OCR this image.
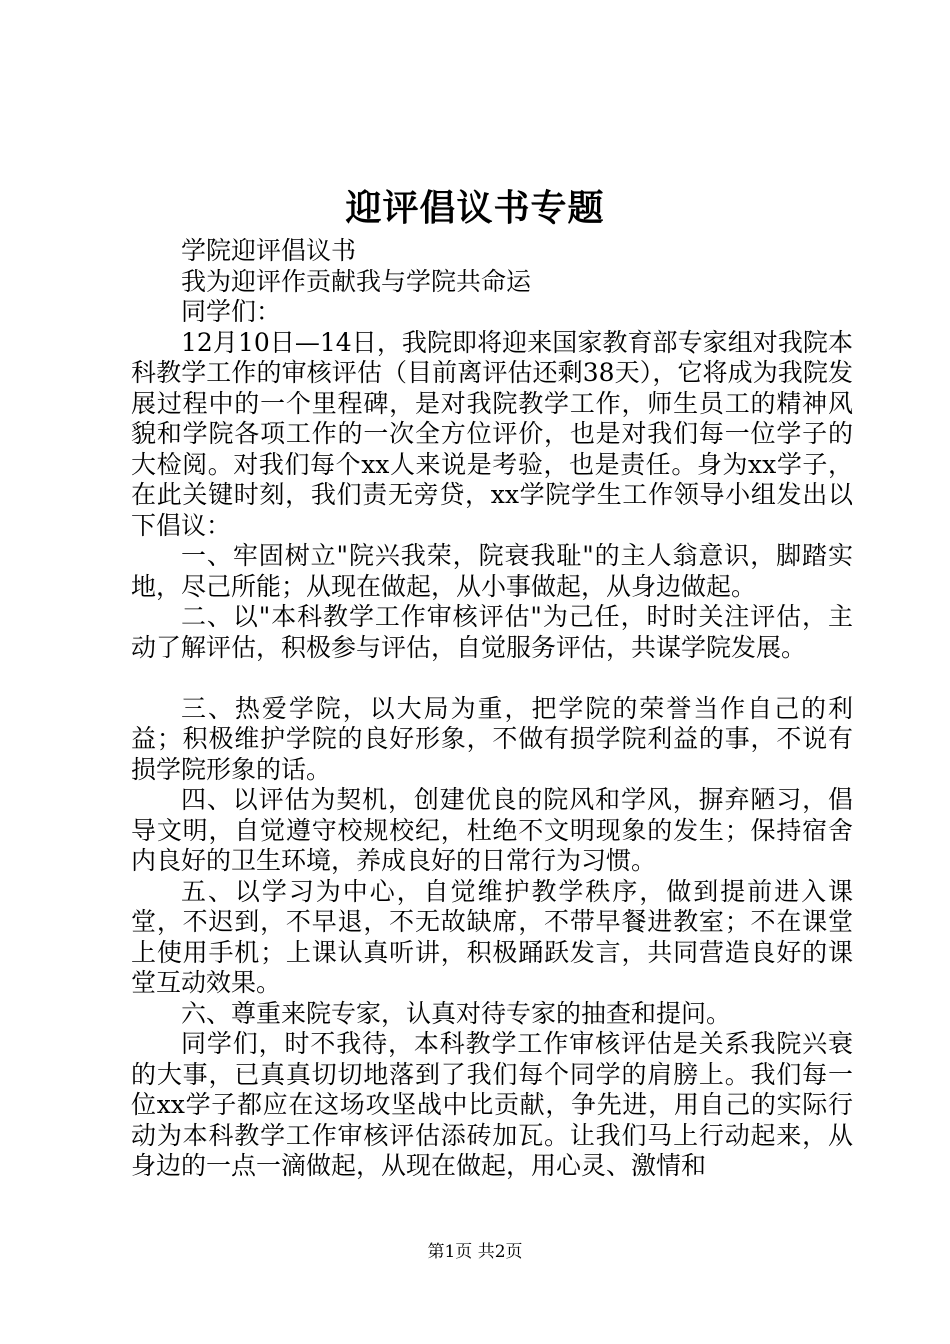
迎评倡议书专题

学院迎评倡议书

我为迎评作贡献我与学院共命运

同学们：

12月10日—14日，我院即将迎来国家教育部专家组对我院本科教学工作的审核评估（目前离评估还剩38天），它将成为我院发展过程中的一个里程碑，是对我院教学工作，师生员工的精神风貌和学院各项工作的一次全方位评价，也是对我们每一位学子的大检阅。对我们每个xx人来说是考验，也是责任。身为xx学子，在此关键时刻，我们责无旁贷，xx学院学生工作领导小组发出以下倡议：

一、牢固树立"院兴我荣，院衰我耻"的主人翁意识，脚踏实地，尽己所能；从现在做起，从小事做起，从身边做起。

二、以"本科教学工作审核评估"为己任，时时关注评估，主动了解评估，积极参与评估，自觉服务评估，共谋学院发展。

三、热爱学院，以大局为重，把学院的荣誉当作自己的利益；积极维护学院的良好形象，不做有损学院利益的事，不说有损学院形象的话。

四、以评估为契机，创建优良的院风和学风，摒弃陋习，倡导文明，自觉遵守校规校纪，杜绝不文明现象的发生；保持宿舍内良好的卫生环境，养成良好的日常行为习惯。

五、以学习为中心，自觉维护教学秩序，做到提前进入课堂，不迟到，不早退，不无故缺席，不带早餐进教室；不在课堂上使用手机；上课认真听讲，积极踊跃发言，共同营造良好的课堂互动效果。

六、尊重来院专家，认真对待专家的抽查和提问。

同学们，时不我待，本科教学工作审核评估是关系我院兴衰的大事，已真真切切地落到了我们每个同学的肩膀上。我们每一位xx学子都应在这场攻坚战中比贡献，争先进，用自己的实际行动为本科教学工作审核评估添砖加瓦。让我们马上行动起来，从身边的一点一滴做起，从现在做起，用心灵、激情和

第1页 共2页
